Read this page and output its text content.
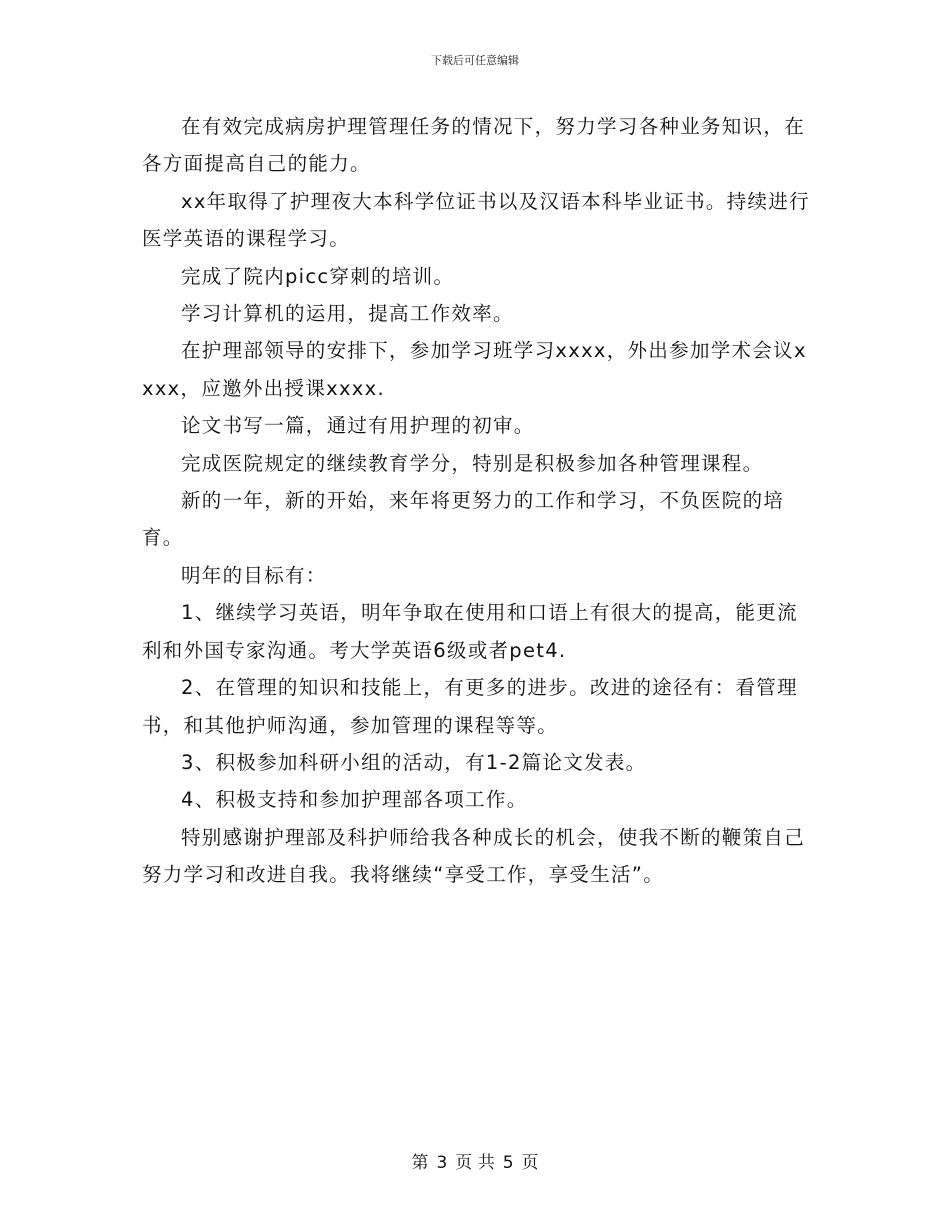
下载后可任意编辑

在有效完成病房护理管理任务的情况下，努力学习各种业务知识，在各方面提高自己的能力。

xx年取得了护理夜大本科学位证书以及汉语本科毕业证书。持续进行医学英语的课程学习。

完成了院内picc穿刺的培训。

学习计算机的运用，提高工作效率。

在护理部领导的安排下，参加学习班学习xxxx，外出参加学术会议xxxx，应邀外出授课xxxx.

论文书写一篇，通过有用护理的初审。

完成医院规定的继续教育学分，特别是积极参加各种管理课程。

新的一年，新的开始，来年将更努力的工作和学习，不负医院的培育。

明年的目标有：

1、继续学习英语，明年争取在使用和口语上有很大的提高，能更流利和外国专家沟通。考大学英语6级或者pet4.

2、在管理的知识和技能上，有更多的进步。改进的途径有：看管理书，和其他护师沟通，参加管理的课程等等。

3、积极参加科研小组的活动，有1-2篇论文发表。

4、积极支持和参加护理部各项工作。

特别感谢护理部及科护师给我各种成长的机会，使我不断的鞭策自己努力学习和改进自我。我将继续“享受工作，享受生活”。

第 3 页 共 5 页
